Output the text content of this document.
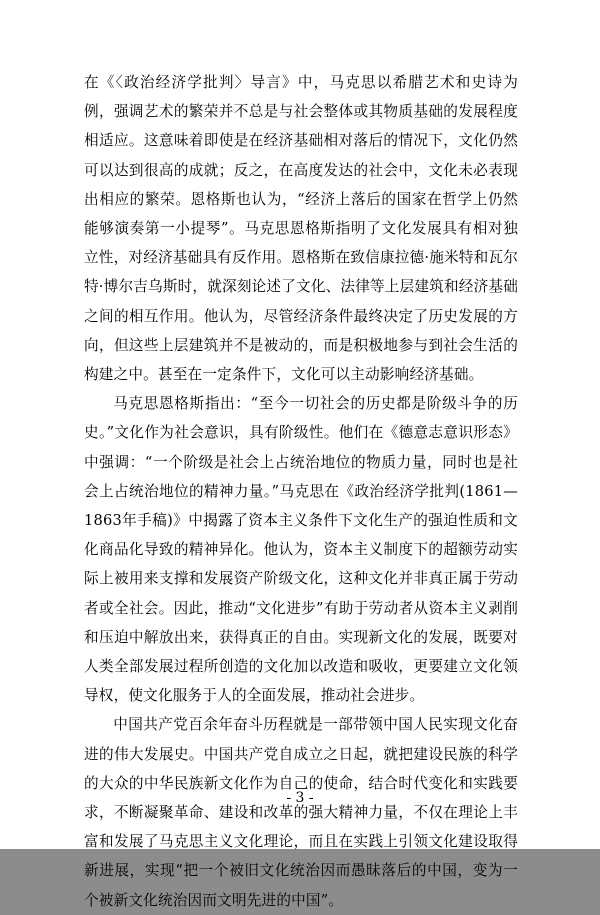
在《〈政治经济学批判〉导言》中，马克思以希腊艺术和史诗为例，强调艺术的繁荣并不总是与社会整体或其物质基础的发展程度相适应。这意味着即使是在经济基础相对落后的情况下，文化仍然可以达到很高的成就；反之，在高度发达的社会中，文化未必表现出相应的繁荣。恩格斯也认为，“经济上落后的国家在哲学上仍然能够演奏第一小提琴”。马克思恩格斯指明了文化发展具有相对独立性，对经济基础具有反作用。恩格斯在致信康拉德·施米特和瓦尔特·博尔吉乌斯时，就深刻论述了文化、法律等上层建筑和经济基础之间的相互作用。他认为，尽管经济条件最终决定了历史发展的方向，但这些上层建筑并不是被动的，而是积极地参与到社会生活的构建之中。甚至在一定条件下，文化可以主动影响经济基础。

马克思恩格斯指出：“至今一切社会的历史都是阶级斗争的历史。”文化作为社会意识，具有阶级性。他们在《德意志意识形态》中强调：“一个阶级是社会上占统治地位的物质力量，同时也是社会上占统治地位的精神力量。”马克思在《政治经济学批判(1861—1863年手稿)》中揭露了资本主义条件下文化生产的强迫性质和文化商品化导致的精神异化。他认为，资本主义制度下的超额劳动实际上被用来支撑和发展资产阶级文化，这种文化并非真正属于劳动者或全社会。因此，推动“文化进步”有助于劳动者从资本主义剥削和压迫中解放出来，获得真正的自由。实现新文化的发展，既要对人类全部发展过程所创造的文化加以改造和吸收，更要建立文化领导权，使文化服务于人的全面发展，推动社会进步。

中国共产党百余年奋斗历程就是一部带领中国人民实现文化奋进的伟大发展史。中国共产党自成立之日起，就把建设民族的科学的大众的中华民族新文化作为自己的使命，结合时代变化和实践要求，不断凝聚革命、建设和改革的强大精神力量，不仅在理论上丰富和发展了马克思主义文化理论，而且在实践上引领文化建设取得新进展，实现“把一个被旧文化统治因而愚昧落后的中国，变为一个被新文化统治因而文明先进的中国”。

- 3 -
